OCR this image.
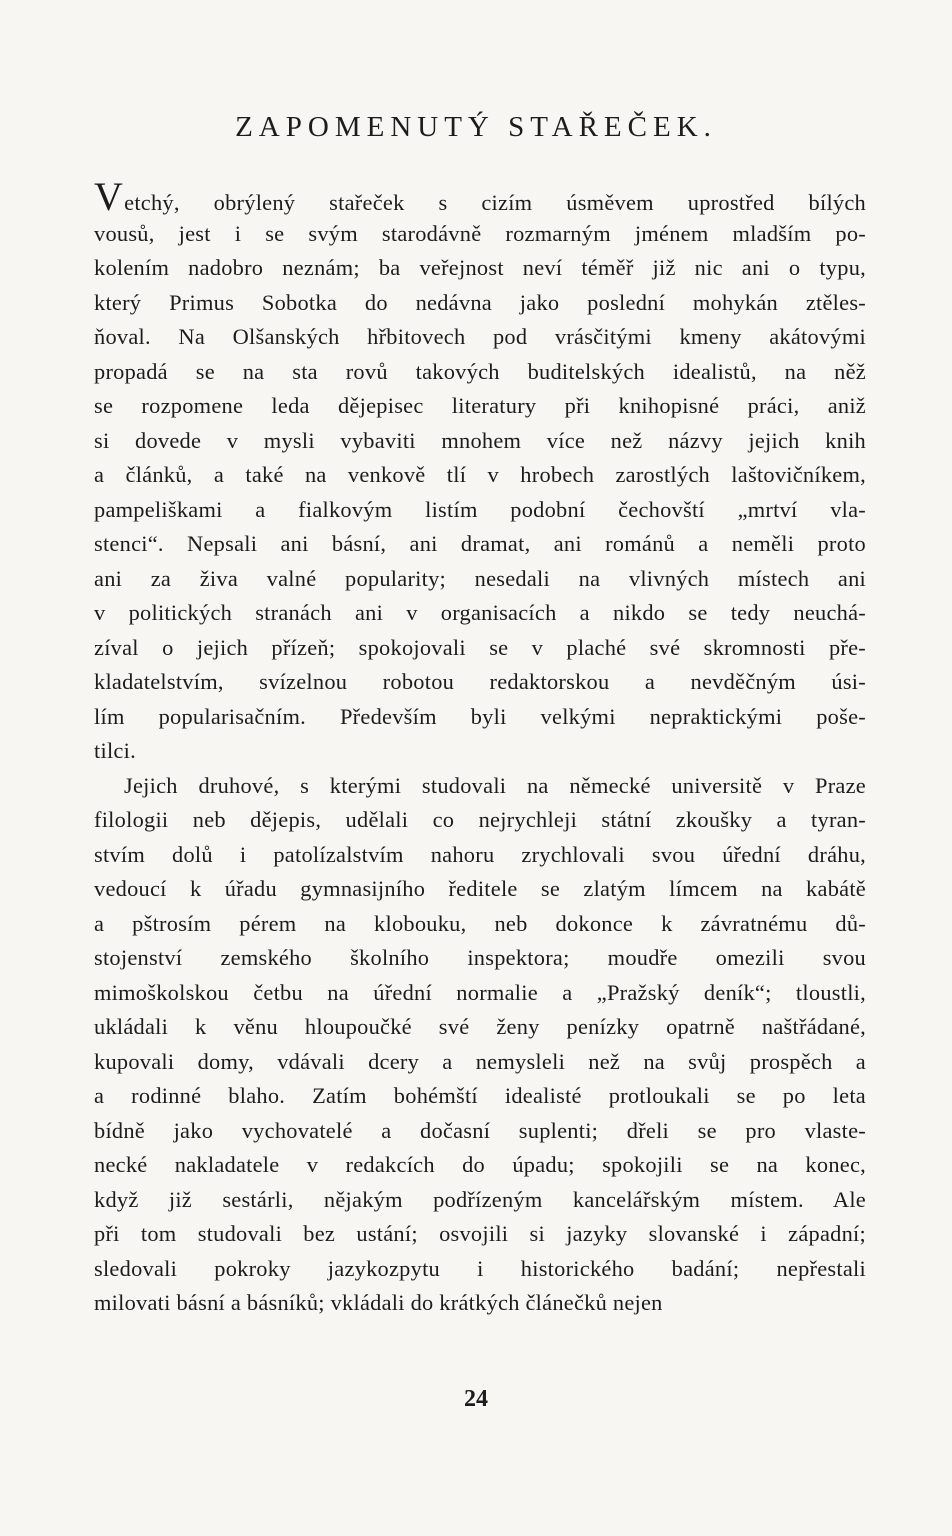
ZAPOMENUTÝ STAŘEČEK.
Vetchý, obrýlený stařeček s cizím úsměvem uprostřed bílých
vousů, jest i se svým starodávně rozmarným jménem mladším po-
kolením nadobro neznám; ba veřejnost neví téměř již nic ani o typu,
který Primus Sobotka do nedávna jako poslední mohykán ztěles-
ňoval. Na Olšanských hřbitovech pod vrásčitými kmeny akátovými
propadá se na sta rovů takových buditelských idealistů, na něž
se rozpomene leda dějepisec literatury při knihopisné práci, aniž
si dovede v mysli vybaviti mnohem více než názvy jejich knih
a článků, a také na venkově tlí v hrobech zarostlých laštovičníkem,
pampeliškami a fialkovým listím podobní čechovští „mrtví vla-
stenci“. Nepsali ani básní, ani dramat, ani románů a neměli proto
ani za živa valné popularity; nesedali na vlivných místech ani
v politických stranách ani v organisacích a nikdo se tedy neuchá-
zíval o jejich přízeň; spokojovali se v plaché své skromnosti pře-
kladatelstvím, svízelnou robotou redaktorskou a nevděčným úsi-
lím popularisačním. Především byli velkými nepraktickými poše-
tilci.
Jejich druhové, s kterými studovali na německé universitě v Praze
filologii neb dějepis, udělali co nejrychleji státní zkoušky a tyran-
stvím dolů i patolízalstvím nahoru zrychlovali svou úřední dráhu,
vedoucí k úřadu gymnasijního ředitele se zlatým límcem na kabátě
a pštrosím pérem na klobouku, neb dokonce k závratnému dů-
stojenství zemského školního inspektora; moudře omezili svou
mimoškolskou četbu na úřední normalie a „Pražský deník“; tloustli,
ukládali k věnu hloupoučké své ženy penízky opatrně naštřádané,
kupovali domy, vdávali dcery a nemysleli než na svůj prospěch a
a rodinné blaho. Zatím bohémští idealisté protloukali se po leta
bídně jako vychovatelé a dočasní suplenti; dřeli se pro vlaste-
necké nakladatele v redakcích do úpadu; spokojili se na konec,
když již sestárli, nějakým podřízeným kancelářským místem. Ale
při tom studovali bez ustání; osvojili si jazyky slovanské i západní;
sledovali pokroky jazykozpytu i historického badání; nepřestali
milovati básní a básníků; vkládali do krátkých článečků nejen
24
